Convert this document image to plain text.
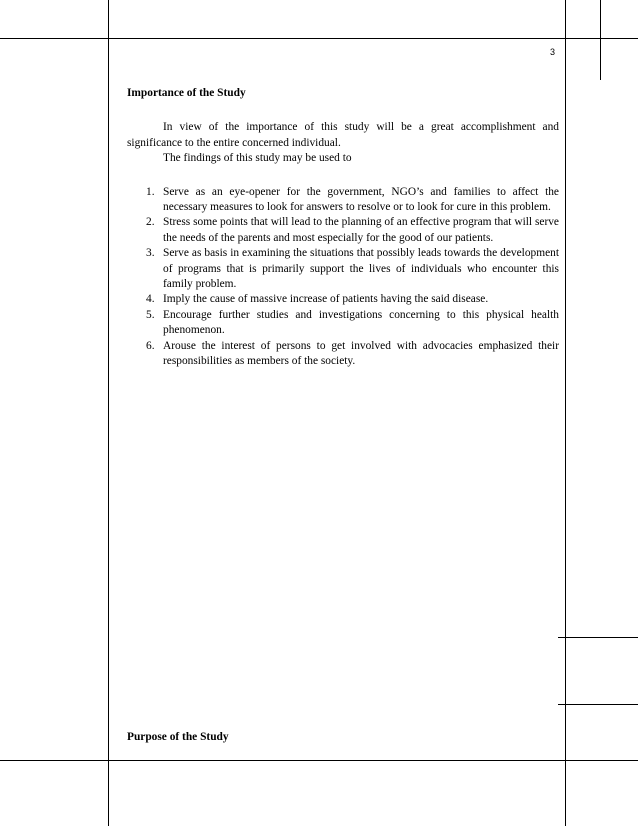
3

Importance of the Study

In view of the importance of this study will be a great accomplishment and significance to the entire concerned individual.

The findings of this study may be used to

1. Serve as an eye-opener for the government, NGO’s and families to affect the necessary measures to look for answers to resolve or to look for cure in this problem.
2. Stress some points that will lead to the planning of an effective program that will serve the needs of the parents and most especially for the good of our patients.
3. Serve as basis in examining the situations that possibly leads towards the development of programs that is primarily support the lives of individuals who encounter this family problem.
4. Imply the cause of massive increase of patients having the said disease.
5. Encourage further studies and investigations concerning to this physical health phenomenon.
6. Arouse the interest of persons to get involved with advocacies emphasized their responsibilities as members of the society.
Purpose of the Study
